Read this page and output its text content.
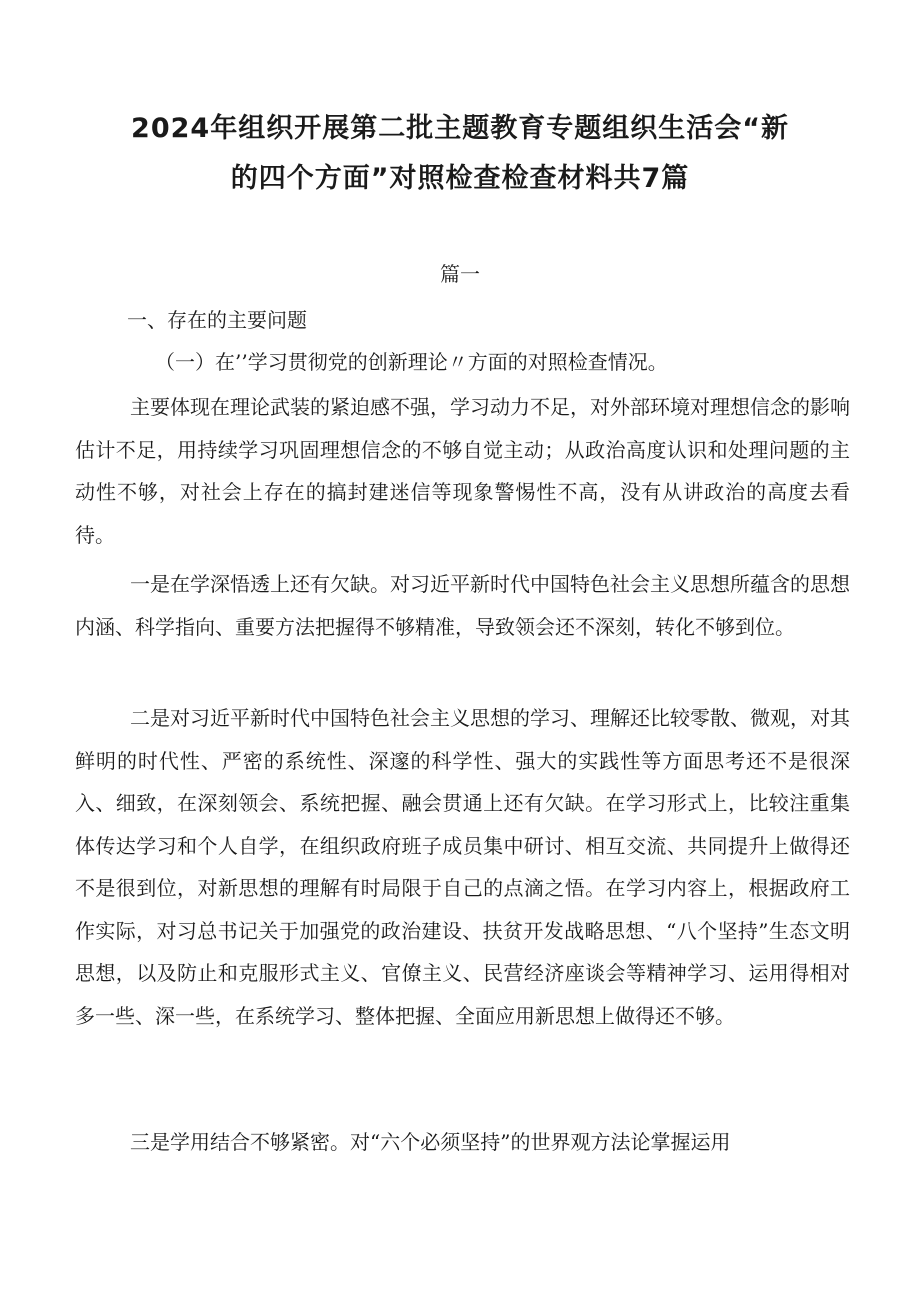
2024年组织开展第二批主题教育专题组织生活会“新
的四个方面”对照检查检查材料共7篇
篇一
一、存在的主要问题
（一）在’’学习贯彻党的创新理论〃方面的对照检查情况。

主要体现在理论武装的紧迫感不强，学习动力不足，对外部环境对理想信念的影响估计不足，用持续学习巩固理想信念的不够自觉主动；从政治高度认识和处理问题的主动性不够，对社会上存在的搞封建迷信等现象警惕性不高，没有从讲政治的高度去看待。

一是在学深悟透上还有欠缺。对习近平新时代中国特色社会主义思想所蕴含的思想内涵、科学指向、重要方法把握得不够精准，导致领会还不深刻，转化不够到位。

二是对习近平新时代中国特色社会主义思想的学习、理解还比较零散、微观，对其鲜明的时代性、严密的系统性、深邃的科学性、强大的实践性等方面思考还不是很深入、细致，在深刻领会、系统把握、融会贯通上还有欠缺。在学习形式上，比较注重集体传达学习和个人自学，在组织政府班子成员集中研讨、相互交流、共同提升上做得还不是很到位，对新思想的理解有时局限于自己的点滴之悟。在学习内容上，根据政府工作实际，对习总书记关于加强党的政治建设、扶贫开发战略思想、“八个坚持”生态文明思想，以及防止和克服形式主义、官僚主义、民营经济座谈会等精神学习、运用得相对多一些、深一些，在系统学习、整体把握、全面应用新思想上做得还不够。

三是学用结合不够紧密。对“六个必须坚持”的世界观方法论掌握运用
